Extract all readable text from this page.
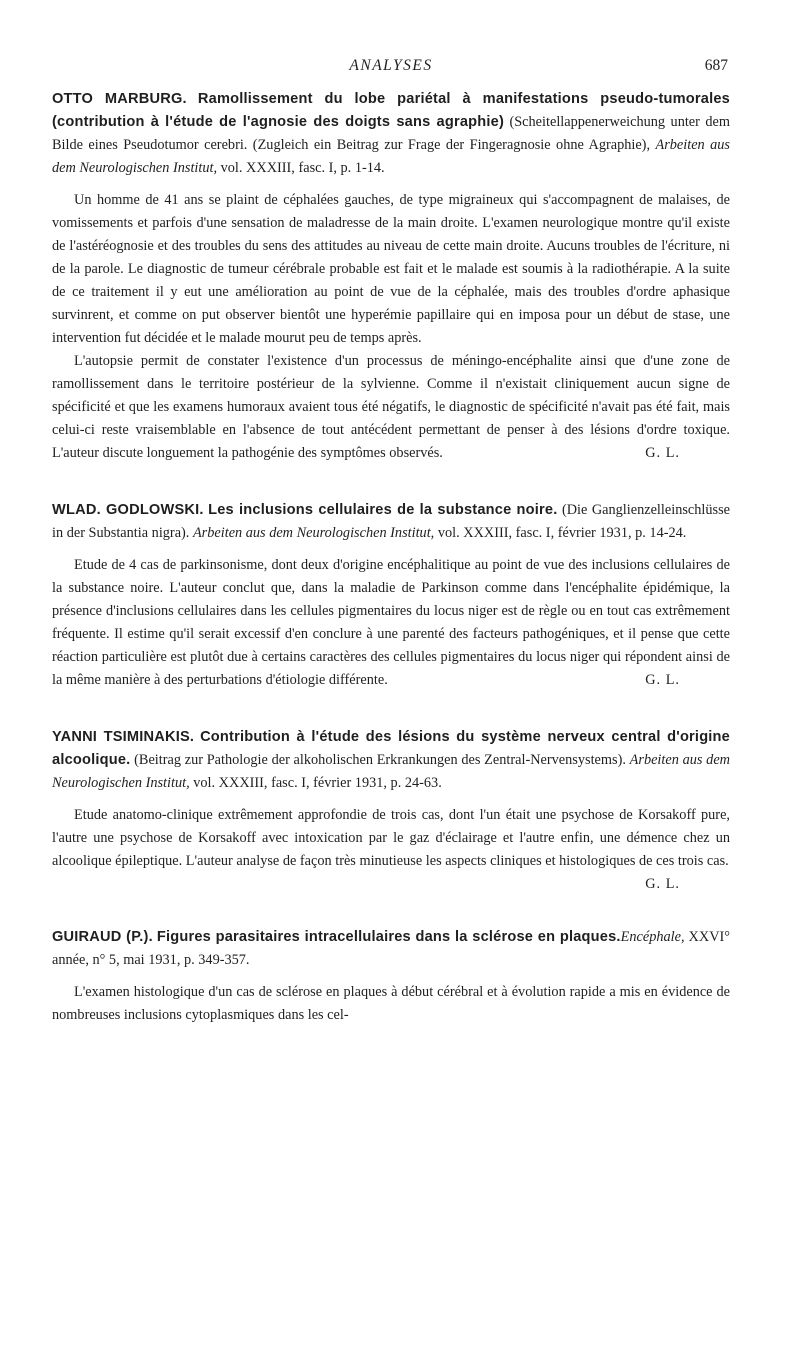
ANALYSES	687

OTTO MARBURG. Ramollissement du lobe pariétal à manifestations pseudo-tumorales (contribution à l'étude de l'agnosie des doigts sans agraphie) (Scheitellappenerweichung unter dem Bilde eines Pseudotumor cerebri. (Zugleich ein Beitrag zur Frage der Fingeragnosie ohne Agraphie), Arbeiten aus dem Neurologischen Institut, vol. XXXIII, fasc. I, p. 1-14.

Un homme de 41 ans se plaint de céphalées gauches, de type migraineux qui s'accompagnent de malaises, de vomissements et parfois d'une sensation de maladresse de la main droite. L'examen neurologique montre qu'il existe de l'astéréognosie et des troubles du sens des attitudes au niveau de cette main droite. Aucuns troubles de l'écriture, ni de la parole. Le diagnostic de tumeur cérébrale probable est fait et le malade est soumis à la radiothérapie. A la suite de ce traitement il y eut une amélioration au point de vue de la céphalée, mais des troubles d'ordre aphasique survinrent, et comme on put observer bientôt une hyperémie papillaire qui en imposa pour un début de stase, une intervention fut décidée et le malade mourut peu de temps après.

L'autopsie permit de constater l'existence d'un processus de méningo-encéphalite ainsi que d'une zone de ramollissement dans le territoire postérieur de la sylvienne. Comme il n'existait cliniquement aucun signe de spécificité et que les examens humoraux avaient tous été négatifs, le diagnostic de spécificité n'avait pas été fait, mais celui-ci reste vraisemblable en l'absence de tout antécédent permettant de penser à des lésions d'ordre toxique. L'auteur discute longuement la pathogénie des symptômes observés.	G. L.

WLAD. GODLOWSKI. Les inclusions cellulaires de la substance noire. (Die Ganglienzelleinschlüsse in der Substantia nigra). Arbeiten aus dem Neurologischen Institut, vol. XXXIII, fasc. I, février 1931, p. 14-24.

Etude de 4 cas de parkinsonisme, dont deux d'origine encéphalitique au point de vue des inclusions cellulaires de la substance noire. L'auteur conclut que, dans la maladie de Parkinson comme dans l'encéphalite épidémique, la présence d'inclusions cellulaires dans les cellules pigmentaires du locus niger est de règle ou en tout cas extrêmement fréquente. Il estime qu'il serait excessif d'en conclure à une parenté des facteurs pathogéniques, et il pense que cette réaction particulière est plutôt due à certains caractères des cellules pigmentaires du locus niger qui répondent ainsi de la même manière à des perturbations d'étiologie différente.	G. L.

YANNI TSIMINAKIS. Contribution à l'étude des lésions du système nerveux central d'origine alcoolique. (Beitrag zur Pathologie der alkoholischen Erkrankungen des Zentral-Nervensystems). Arbeiten aus dem Neurologischen Institut, vol. XXXIII, fasc. I, février 1931, p. 24-63.

Etude anatomo-clinique extrêmement approfondie de trois cas, dont l'un était une psychose de Korsakoff pure, l'autre une psychose de Korsakoff avec intoxication par le gaz d'éclairage et l'autre enfin, une démence chez un alcoolique épileptique. L'auteur analyse de façon très minutieuse les aspects cliniques et histologiques de ces trois cas.
G. L.

GUIRAUD (P.). Figures parasitaires intracellulaires dans la sclérose en plaques.Encéphale, XXVI° année, n° 5, mai 1931, p. 349-357.

L'examen histologique d'un cas de sclérose en plaques à début cérébral et à évolution rapide a mis en évidence de nombreuses inclusions cytoplasmiques dans les cel-
